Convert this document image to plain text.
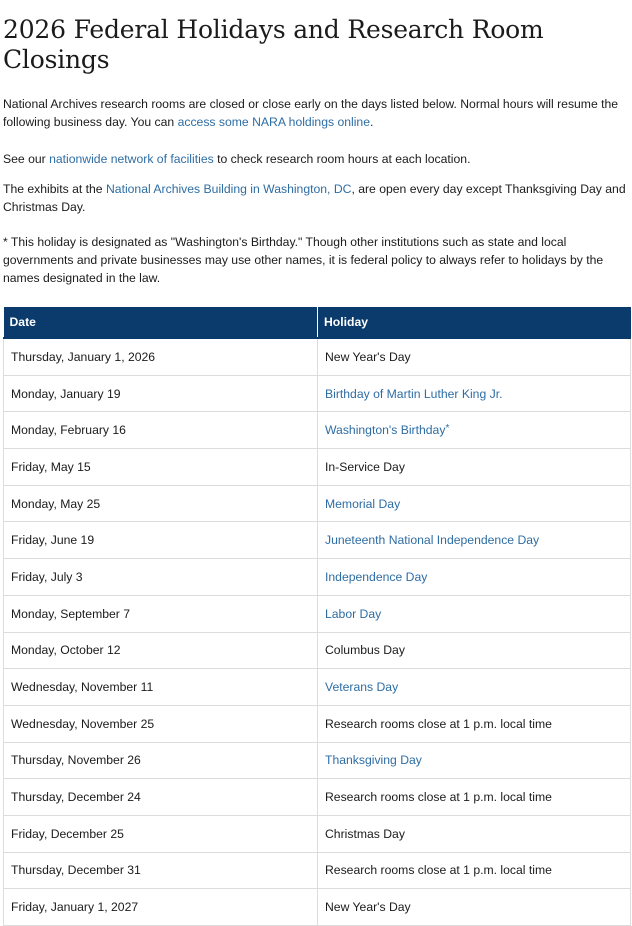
2026 Federal Holidays and Research Room Closings

National Archives research rooms are closed or close early on the days listed below. Normal hours will resume the following business day. You can access some NARA holdings online.

See our nationwide network of facilities to check research room hours at each location.

The exhibits at the National Archives Building in Washington, DC, are open every day except Thanksgiving Day and Christmas Day.

* This holiday is designated as "Washington's Birthday." Though other institutions such as state and local governments and private businesses may use other names, it is federal policy to always refer to holidays by the names designated in the law.

Date	Holiday
Thursday, January 1, 2026	New Year's Day
Monday, January 19	Birthday of Martin Luther King Jr.
Monday, February 16	Washington's Birthday*
Friday, May 15	In-Service Day
Monday, May 25	Memorial Day
Friday, June 19	Juneteenth National Independence Day
Friday, July 3	Independence Day
Monday, September 7	Labor Day
Monday, October 12	Columbus Day
Wednesday, November 11	Veterans Day
Wednesday, November 25	Research rooms close at 1 p.m. local time
Thursday, November 26	Thanksgiving Day
Thursday, December 24	Research rooms close at 1 p.m. local time
Friday, December 25	Christmas Day
Thursday, December 31	Research rooms close at 1 p.m. local time
Friday, January 1, 2027	New Year's Day
